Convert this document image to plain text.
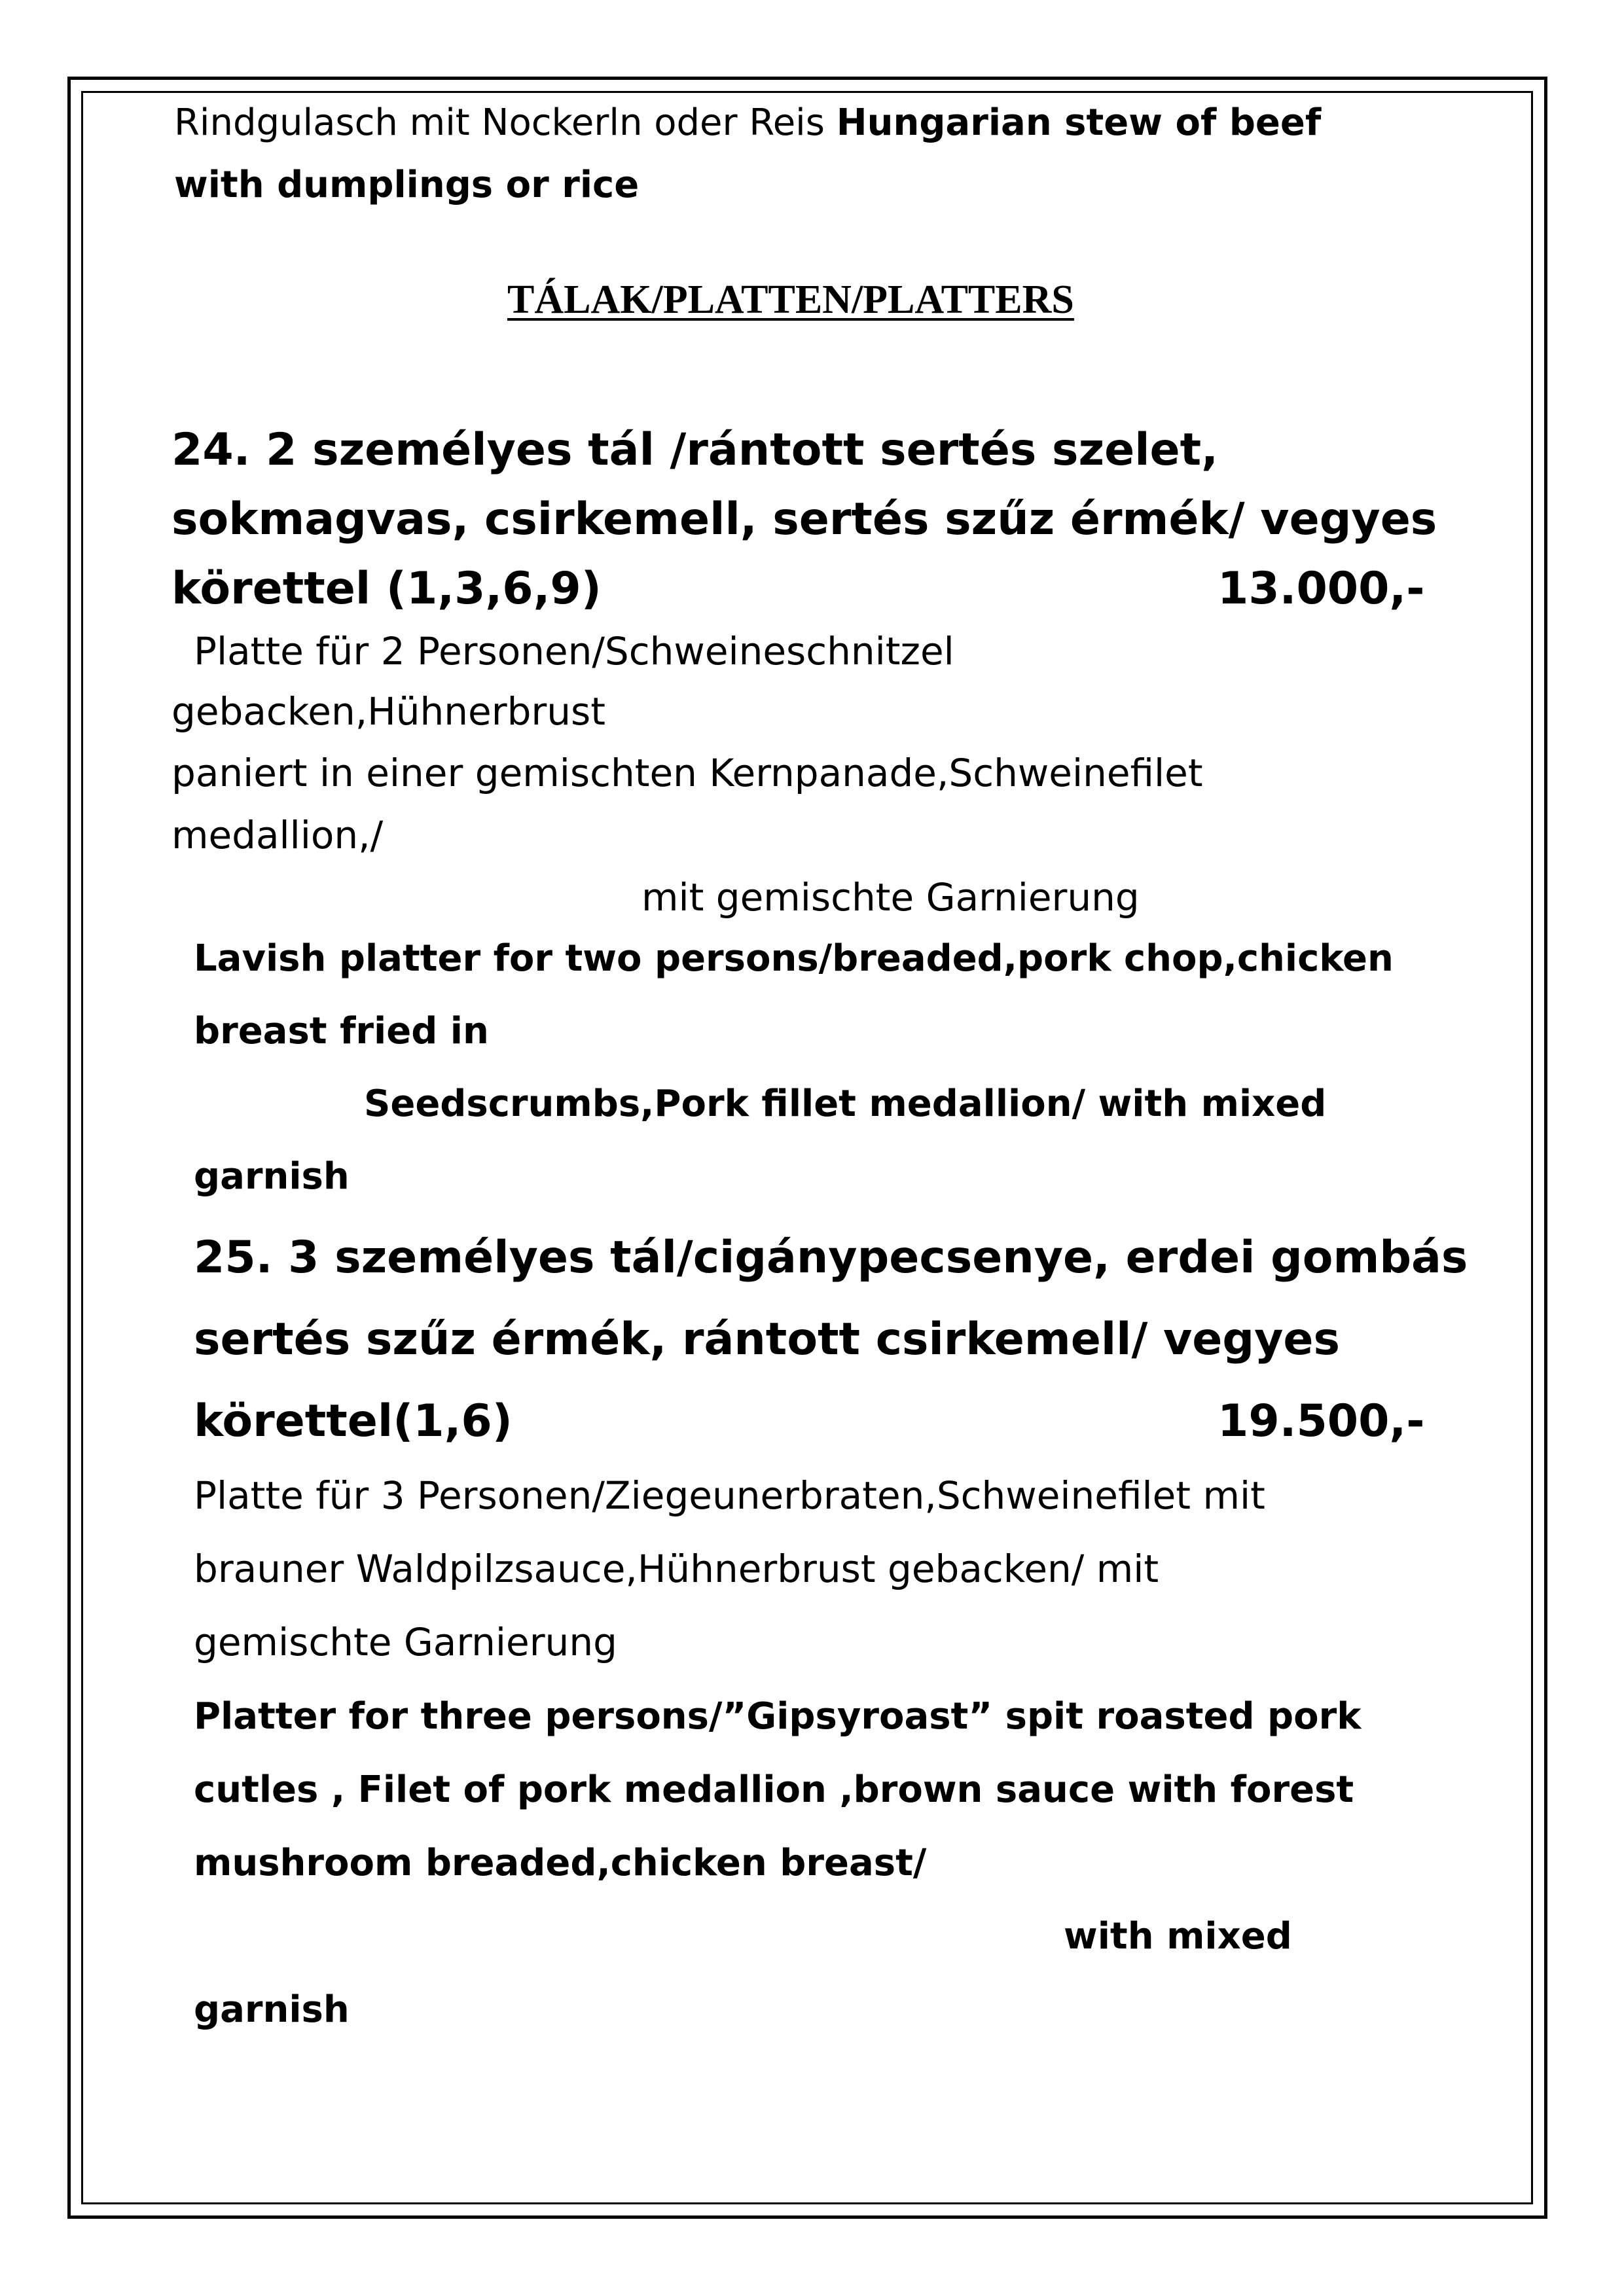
Rindgulasch mit Nockerln oder Reis Hungarian stew of beef
with dumplings or rice
TÁLAK/PLATTEN/PLATTERS
24. 2 személyes tál /rántott sertés szelet,
sokmagvas, csirkemell, sertés szűz érmék/ vegyes
körettel (1,3,6,9)	13.000,-
Platte für 2 Personen/Schweineschnitzel
gebacken,Hühnerbrust
paniert in einer gemischten Kernpanade,Schweinefilet
medallion,/
mit gemischte Garnierung
Lavish platter for two persons/breaded,pork chop,chicken
breast fried in
Seedscrumbs,Pork fillet medallion/ with mixed
garnish
25. 3 személyes tál/cigánypecsenye, erdei gombás
sertés szűz érmék, rántott csirkemell/ vegyes
körettel(1,6)	19.500,-
Platte für 3 Personen/Ziegeunerbraten,Schweinefilet mit
brauner Waldpilzsauce,Hühnerbrust gebacken/ mit
gemischte Garnierung
Platter for three persons/”Gipsyroast” spit roasted pork
cutles , Filet of pork medallion ,brown sauce with forest
mushroom breaded,chicken breast/
with mixed
garnish
